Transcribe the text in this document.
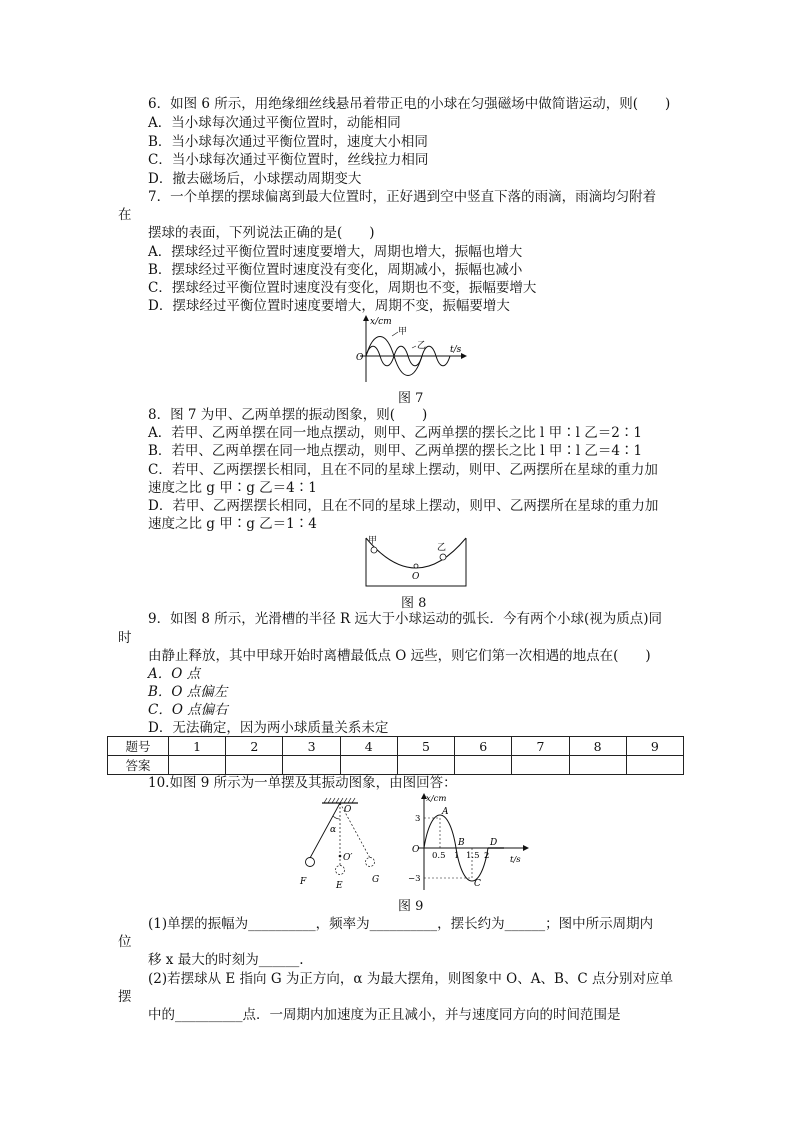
6．如图 6 所示，用绝缘细丝线悬吊着带正电的小球在匀强磁场中做简谐运动，则(　　)
A．当小球每次通过平衡位置时，动能相同
B．当小球每次通过平衡位置时，速度大小相同
C．当小球每次通过平衡位置时，丝线拉力相同
D．撤去磁场后，小球摆动周期变大
7．一个单摆的摆球偏离到最大位置时，正好遇到空中竖直下落的雨滴，雨滴均匀附着
在
摆球的表面，下列说法正确的是(　　)
A．摆球经过平衡位置时速度要增大，周期也增大，振幅也增大
B．摆球经过平衡位置时速度没有变化，周期减小，振幅也减小
C．摆球经过平衡位置时速度没有变化，周期也不变，振幅要增大
D．摆球经过平衡位置时速度要增大，周期不变，振幅要增大
x/cm
t/s
O
甲
乙
图 7
8．图 7 为甲、乙两单摆的振动图象，则(　　)
A．若甲、乙两单摆在同一地点摆动，则甲、乙两单摆的摆长之比 l 甲∶l 乙＝2∶1
B．若甲、乙两单摆在同一地点摆动，则甲、乙两单摆的摆长之比 l 甲∶l 乙＝4∶1
C．若甲、乙两摆摆长相同，且在不同的星球上摆动，则甲、乙两摆所在星球的重力加
速度之比 g 甲∶g 乙＝4∶1
D．若甲、乙两摆摆长相同，且在不同的星球上摆动，则甲、乙两摆所在星球的重力加
速度之比 g 甲∶g 乙＝1∶4
甲
乙
O
图 8
9．如图 8 所示，光滑槽的半径 R 远大于小球运动的弧长．今有两个小球(视为质点)同
时
由静止释放，其中甲球开始时离槽最低点 O 远些，则它们第一次相遇的地点在(　　)
A．O 点
B．O 点偏左
C．O 点偏右
D．无法确定，因为两小球质量关系未定
题号	1	2	3	4	5	6	7	8	9
答案									
10.如图 9 所示为一单摆及其振动图象，由图回答：
O
α
O′
F	E
G
x/cm
t/s
O
3
−3
0.5 1 1.5 2
A
B
C
D
图 9
(1)单摆的振幅为__________，频率为__________，摆长约为______；图中所示周期内
位
移 x 最大的时刻为______.
(2)若摆球从 E 指向 G 为正方向，α 为最大摆角，则图象中 O、A、B、C 点分别对应单
摆
中的__________点．一周期内加速度为正且减小，并与速度同方向的时间范围是
